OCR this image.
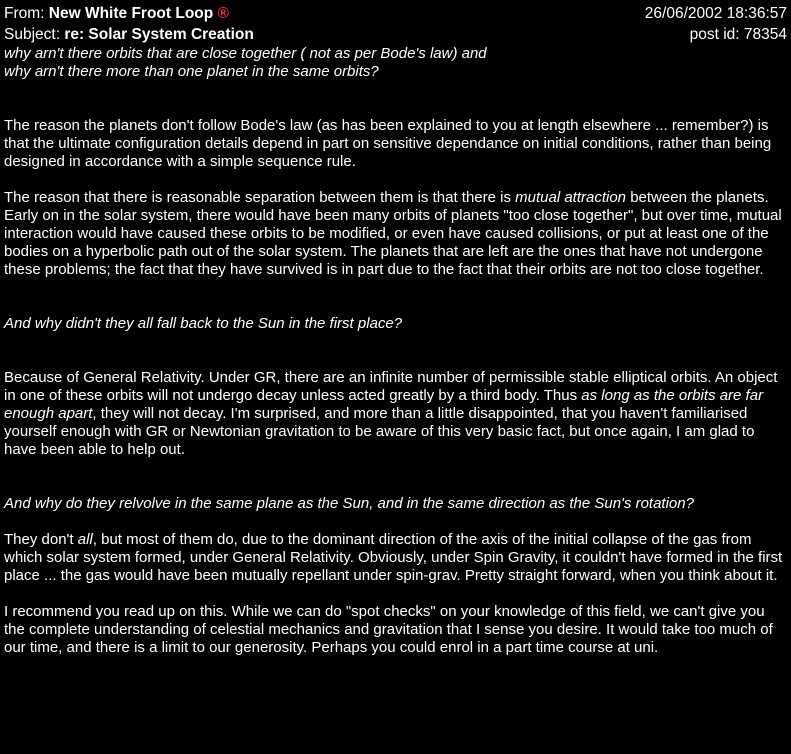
From: New White Froot Loop ®	26/06/2002 18:36:57
Subject: re: Solar System Creation	post id: 78354
why arn't there orbits that are close together ( not as per Bode's law) and
why arn't there more than one planet in the same orbits?

The reason the planets don't follow Bode's law (as has been explained to you at length elsewhere ... remember?) is that the ultimate configuration details depend in part on sensitive dependance on initial conditions, rather than being designed in accordance with a simple sequence rule.

The reason that there is reasonable separation between them is that there is mutual attraction between the planets. Early on in the solar system, there would have been many orbits of planets "too close together", but over time, mutual interaction would have caused these orbits to be modified, or even have caused collisions, or put at least one of the bodies on a hyperbolic path out of the solar system. The planets that are left are the ones that have not undergone these problems; the fact that they have survived is in part due to the fact that their orbits are not too close together.

And why didn't they all fall back to the Sun in the first place?

Because of General Relativity. Under GR, there are an infinite number of permissible stable elliptical orbits. An object in one of these orbits will not undergo decay unless acted greatly by a third body. Thus as long as the orbits are far enough apart, they will not decay. I'm surprised, and more than a little disappointed, that you haven't familiarised yourself enough with GR or Newtonian gravitation to be aware of this very basic fact, but once again, I am glad to have been able to help out.

And why do they relvolve in the same plane as the Sun, and in the same direction as the Sun's rotation?

They don't all, but most of them do, due to the dominant direction of the axis of the initial collapse of the gas from which solar system formed, under General Relativity. Obviously, under Spin Gravity, it couldn't have formed in the first place ... the gas would have been mutually repellant under spin-grav. Pretty straight forward, when you think about it.

I recommend you read up on this. While we can do "spot checks" on your knowledge of this field, we can't give you the complete understanding of celestial mechanics and gravitation that I sense you desire. It would take too much of our time, and there is a limit to our generosity. Perhaps you could enrol in a part time course at uni.
